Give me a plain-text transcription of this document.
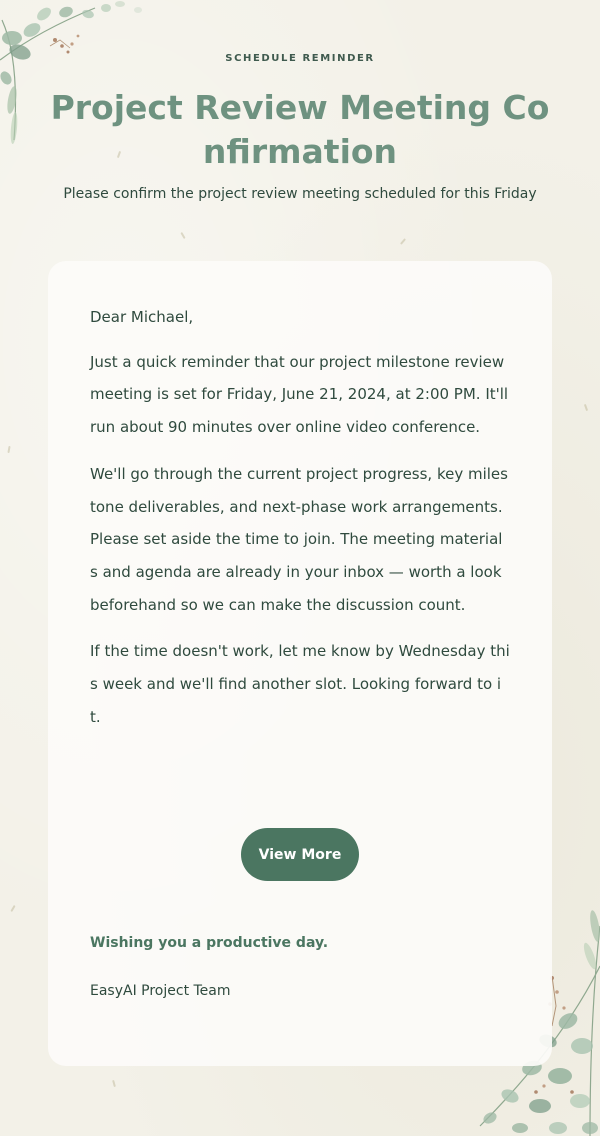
SCHEDULE REMINDER
Project Review Meeting Confirmation
Please confirm the project review meeting scheduled for this Friday

Dear Michael,

Just a quick reminder that our project milestone review meeting is set for Friday, June 21, 2024, at 2:00 PM. It'll run about 90 minutes over online video conference.

We'll go through the current project progress, key milestone deliverables, and next-phase work arrangements. Please set aside the time to join. The meeting materials and agenda are already in your inbox — worth a look beforehand so we can make the discussion count.

If the time doesn't work, let me know by Wednesday this week and we'll find another slot. Looking forward to it.

View More
Wishing you a productive day.
EasyAI Project Team
